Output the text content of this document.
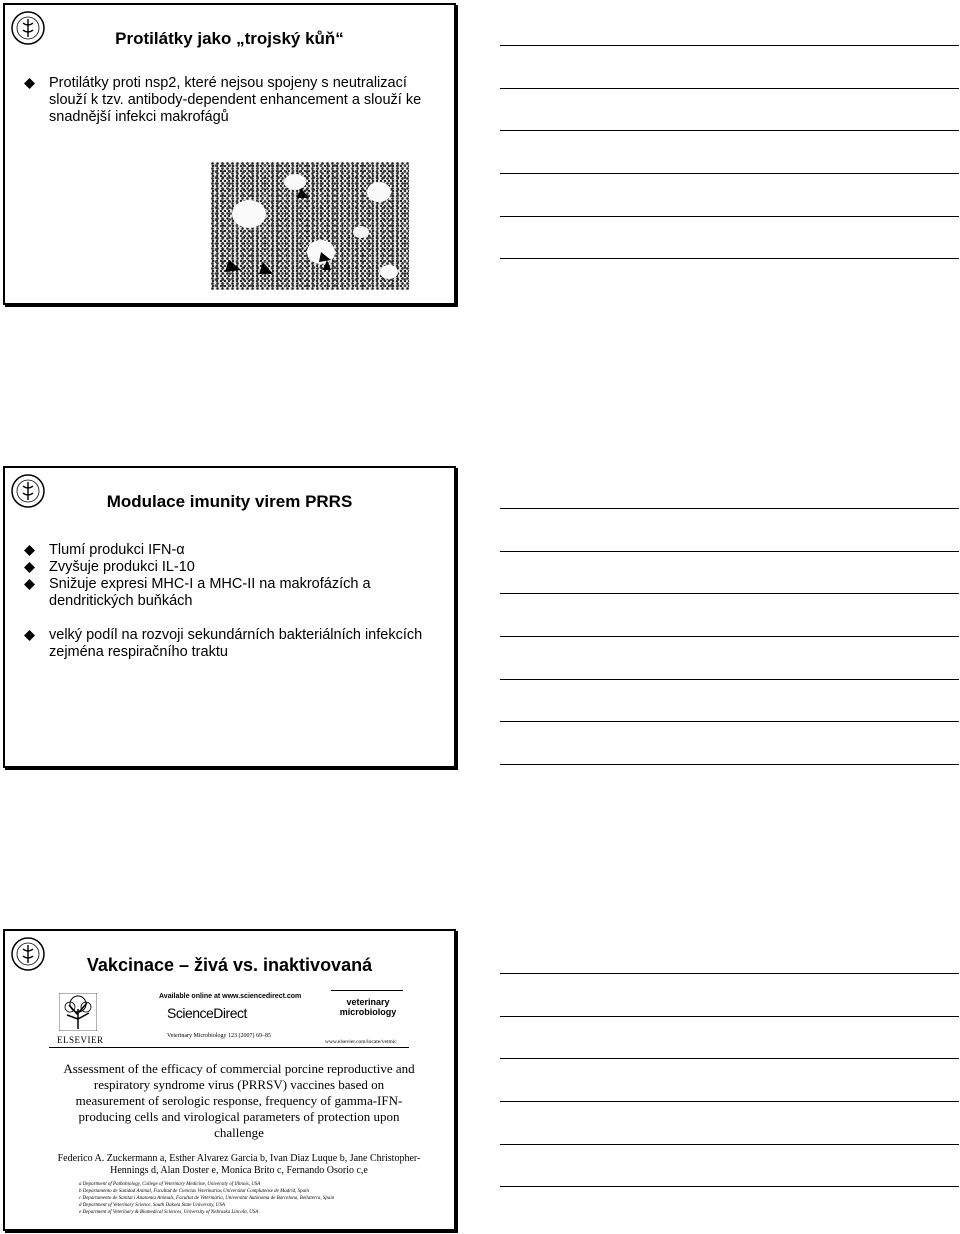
Protilátky jako „trojský kůň“
Protilátky proti nsp2, které nejsou spojeny s neutralizací slouží k tzv. antibody-dependent enhancement a slouží ke snadnější infekci makrofágů
Modulace imunity virem PRRS
Tlumí produkci IFN-α
Zvyšuje produkci IL-10
Snižuje expresi MHC-I a MHC-II na makrofázích a dendritických buňkách
velký podíl na rozvoji sekundárních bakteriálních infekcích zejména respiračního traktu
Vakcinace – živá vs. inaktivovaná
ELSEVIER
Available online at www.sciencedirect.com
ScienceDirect
Veterinary Microbiology 123 (2007) 69–85
veterinary microbiology
www.elsevier.com/locate/vetmic
Assessment of the efficacy of commercial porcine reproductive and respiratory syndrome virus (PRRSV) vaccines based on measurement of serologic response, frequency of gamma-IFN-producing cells and virological parameters of protection upon challenge
Federico A. Zuckermann a, Esther Alvarez Garcia b, Ivan Diaz Luque b, Jane Christopher-Hennings d, Alan Doster e, Monica Brito c, Fernando Osorio c,e
a Department of Pathobiology, College of Veterinary Medicine, University of Illinois, USA
b Departamento de Sanidad Animal, Facultad de Ciencias Veterinarias Universitat Complutense de Madrid, Spain
c Departamento de Sanitat i Anatomia Animals, Facultat de Veterinària, Universitat Autònoma de Barcelona, Bellaterra, Spain
d Department of Veterinary Science, South Dakota State University, USA
e Department of Veterinary & Biomedical Sciences, University of Nebraska Lincoln, USA
